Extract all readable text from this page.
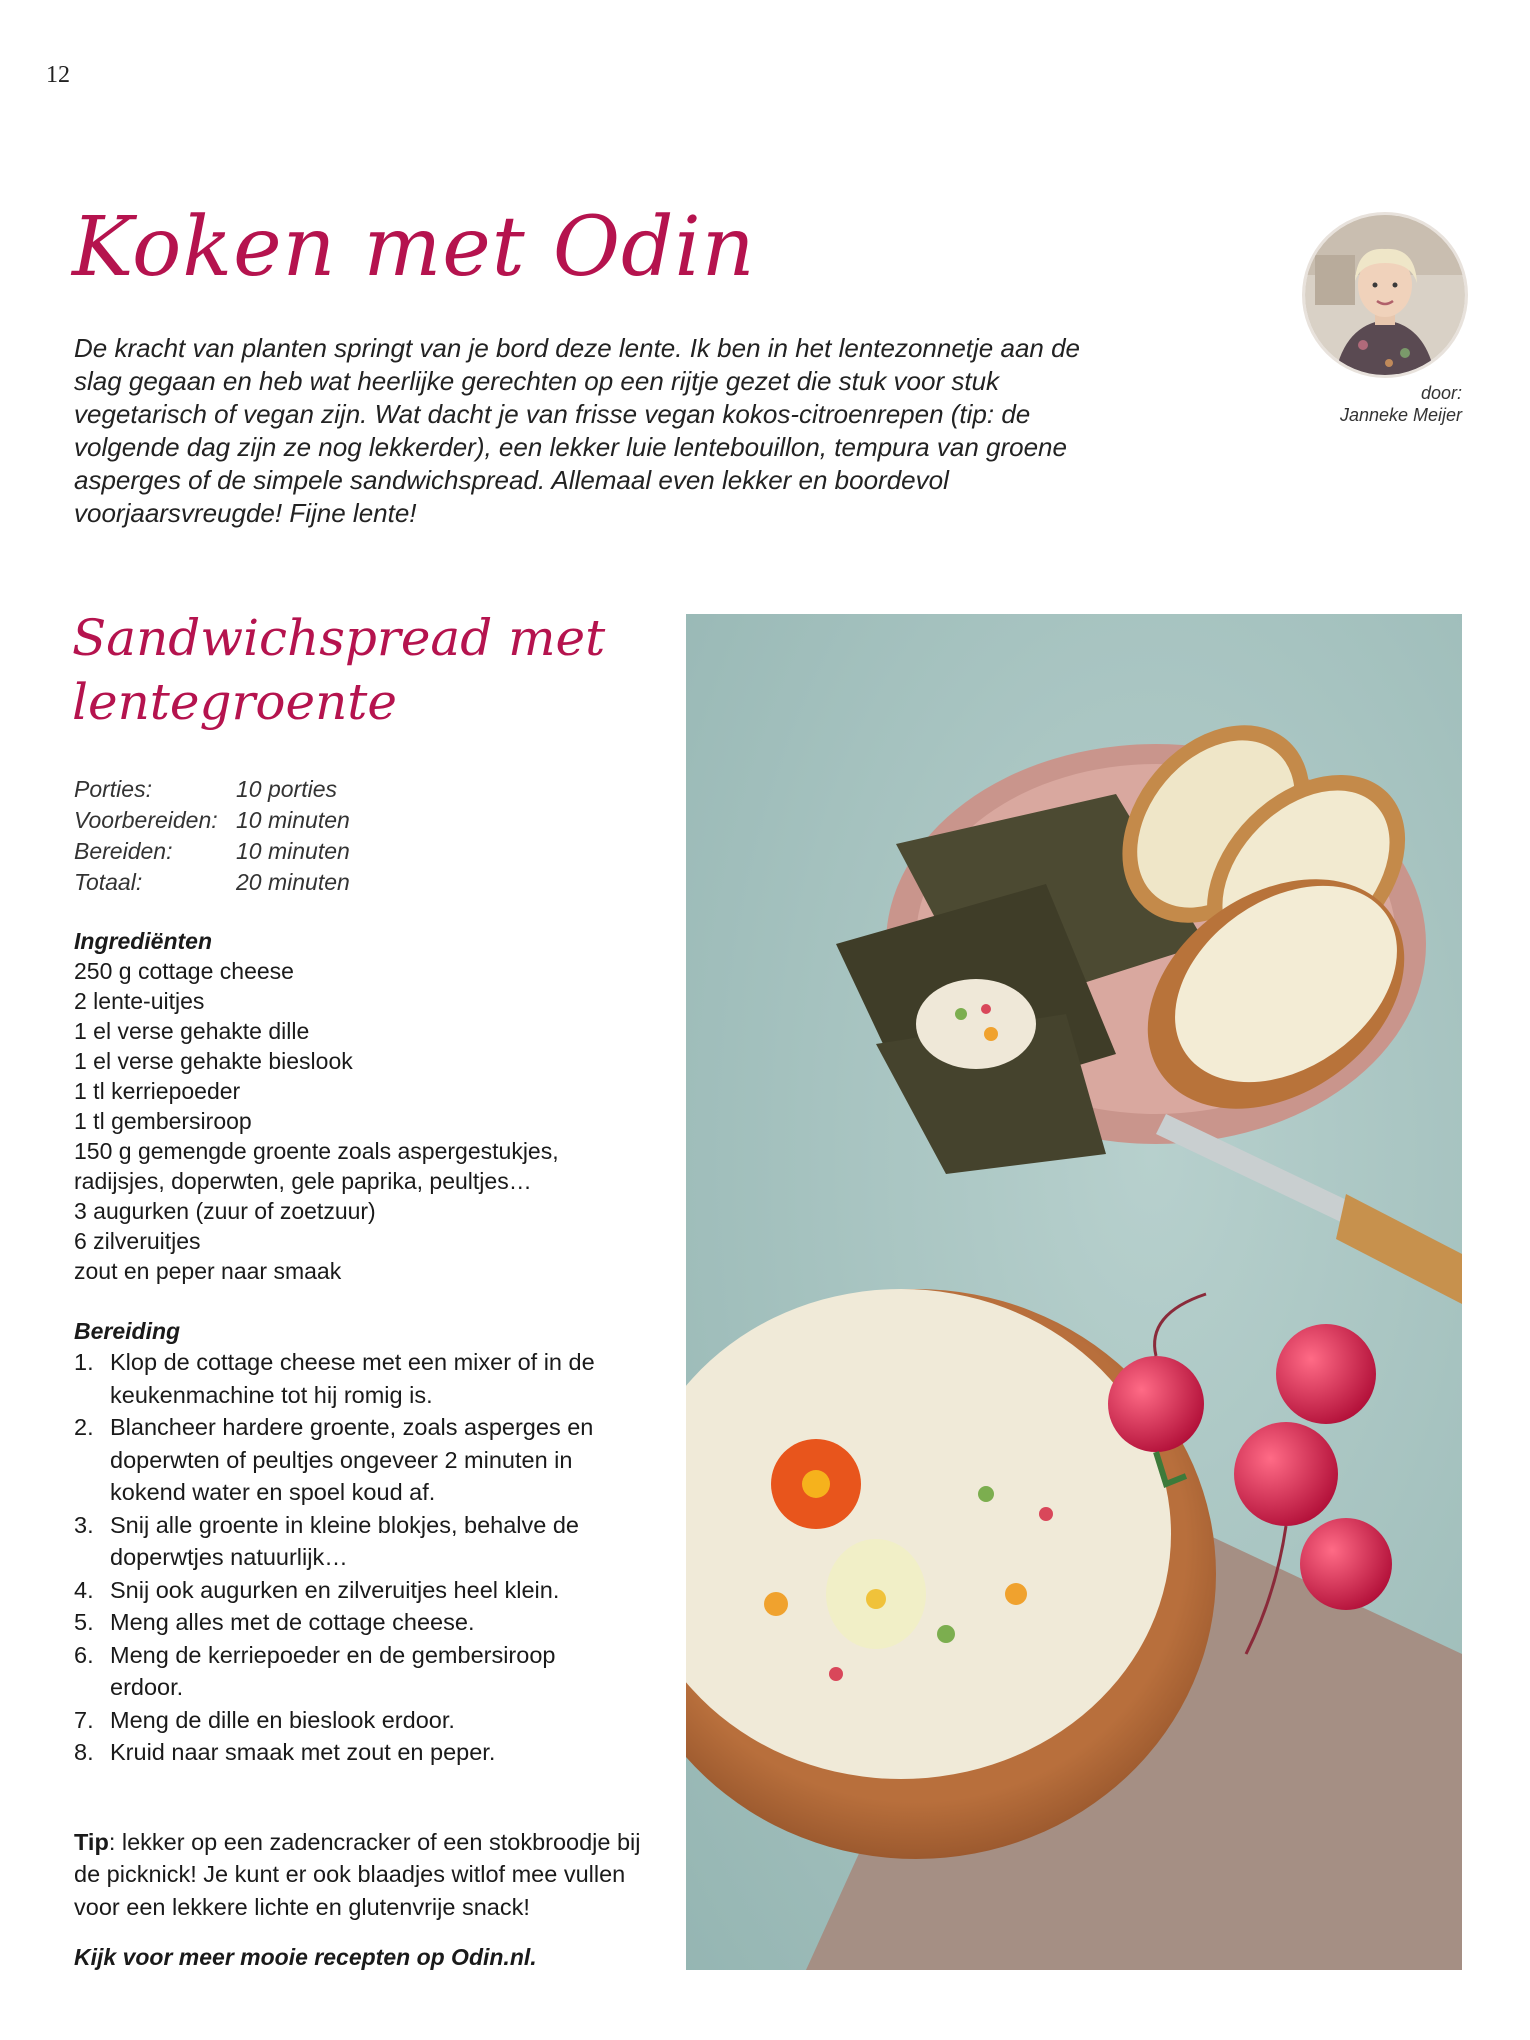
12
Koken met Odin

De kracht van planten springt van je bord deze lente. Ik ben in het lentezonnetje aan de slag gegaan en heb wat heerlijke gerechten op een rijtje gezet die stuk voor stuk vegetarisch of vegan zijn. Wat dacht je van frisse vegan kokos-citroenrepen (tip: de volgende dag zijn ze nog lekkerder), een lekker luie lentebouillon, tempura van groene asperges of de simpele sandwichspread. Allemaal even lekker en boordevol voorjaarsvreugde! Fijne lente!

door:
Janneke Meijer
Sandwichspread met lentegroente
Porties:	10 porties
Voorbereiden: 10 minuten
Bereiden:	10 minuten
Totaal:	20 minuten
Ingrediënten
250 g cottage cheese
2 lente-uitjes
1 el verse gehakte dille
1 el verse gehakte bieslook
1 tl kerriepoeder
1 tl gembersiroop
150 g gemengde groente zoals aspergestukjes, radijsjes, doperwten, gele paprika, peultjes…
3 augurken (zuur of zoetzuur)
6 zilveruitjes
zout en peper naar smaak
Bereiding
1. Klop de cottage cheese met een mixer of in de keukenmachine tot hij romig is.
2. Blancheer hardere groente, zoals asperges en doperwten of peultjes ongeveer 2 minuten in kokend water en spoel koud af.
3. Snij alle groente in kleine blokjes, behalve de doperwtjes natuurlijk…
4. Snij ook augurken en zilveruitjes heel klein.
5. Meng alles met de cottage cheese.
6. Meng de kerriepoeder en de gembersiroop erdoor.
7. Meng de dille en bieslook erdoor.
8. Kruid naar smaak met zout en peper.

Tip: lekker op een zadencracker of een stokbroodje bij de picknick! Je kunt er ook blaadjes witlof mee vullen voor een lekkere lichte en glutenvrije snack!

Kijk voor meer mooie recepten op Odin.nl.
